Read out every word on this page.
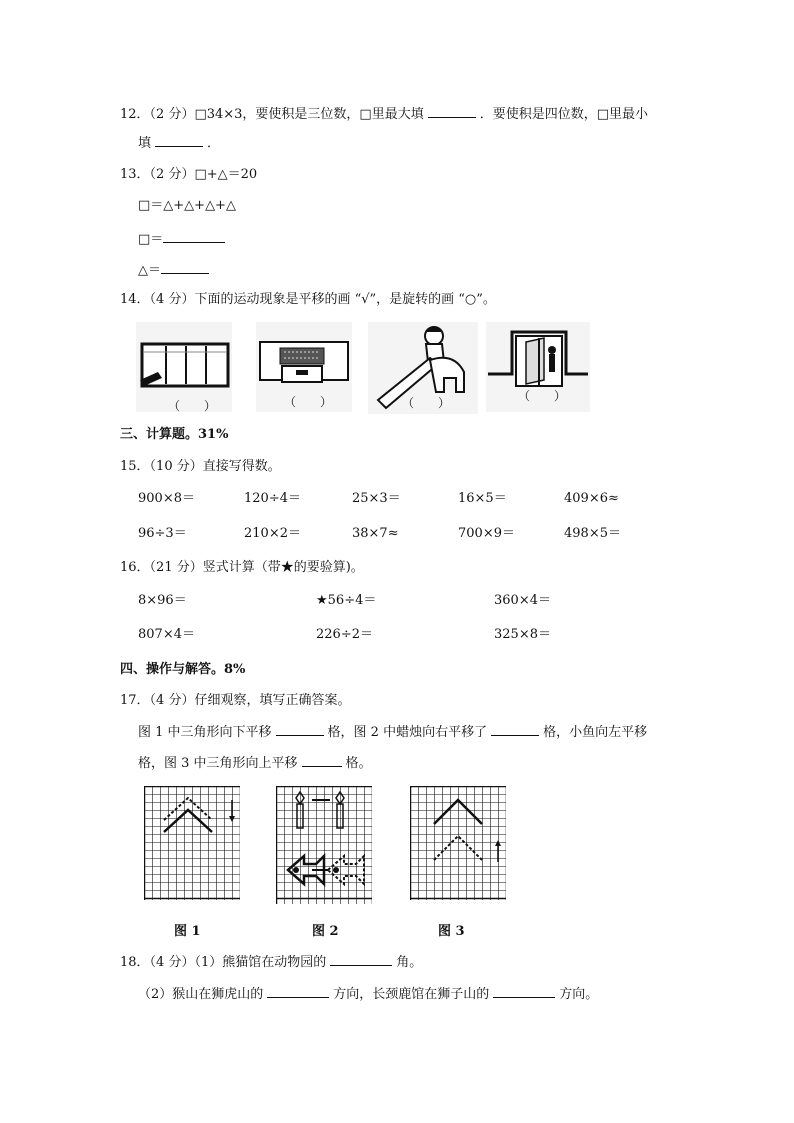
12．（2 分）□34×3，要使积是三位数，□里最大填	．要使积是四位数，□里最小
填	．
13．（2 分）□+△＝20
□＝△+△+△+△
□＝
△＝
14．（4 分）下面的运动现象是平移的画 “√”，是旋转的画 “○”。
（　　）	（　　）	（　　）	（　　）
三、计算题。31%
15．（10 分）直接写得数。
900×8＝	120÷4＝	25×3＝	16×5＝	409×6≈
96÷3＝	210×2＝	38×7≈	700×9＝	498×5＝
16．（21 分）竖式计算（带★的要验算)。
8×96＝	★56÷4＝	360×4＝
807×4＝	226÷2＝	325×8＝
四、操作与解答。8%
17．（4 分）仔细观察，填写正确答案。
图 1 中三角形向下平移	格，图 2 中蜡烛向右平移了	格，小鱼向左平移
格，图 3 中三角形向上平移	格。
图 1	图 2	图 3
18．（4 分）（1）熊猫馆在动物园的	角。
（2）猴山在狮虎山的	方向，长颈鹿馆在狮子山的	方向。
